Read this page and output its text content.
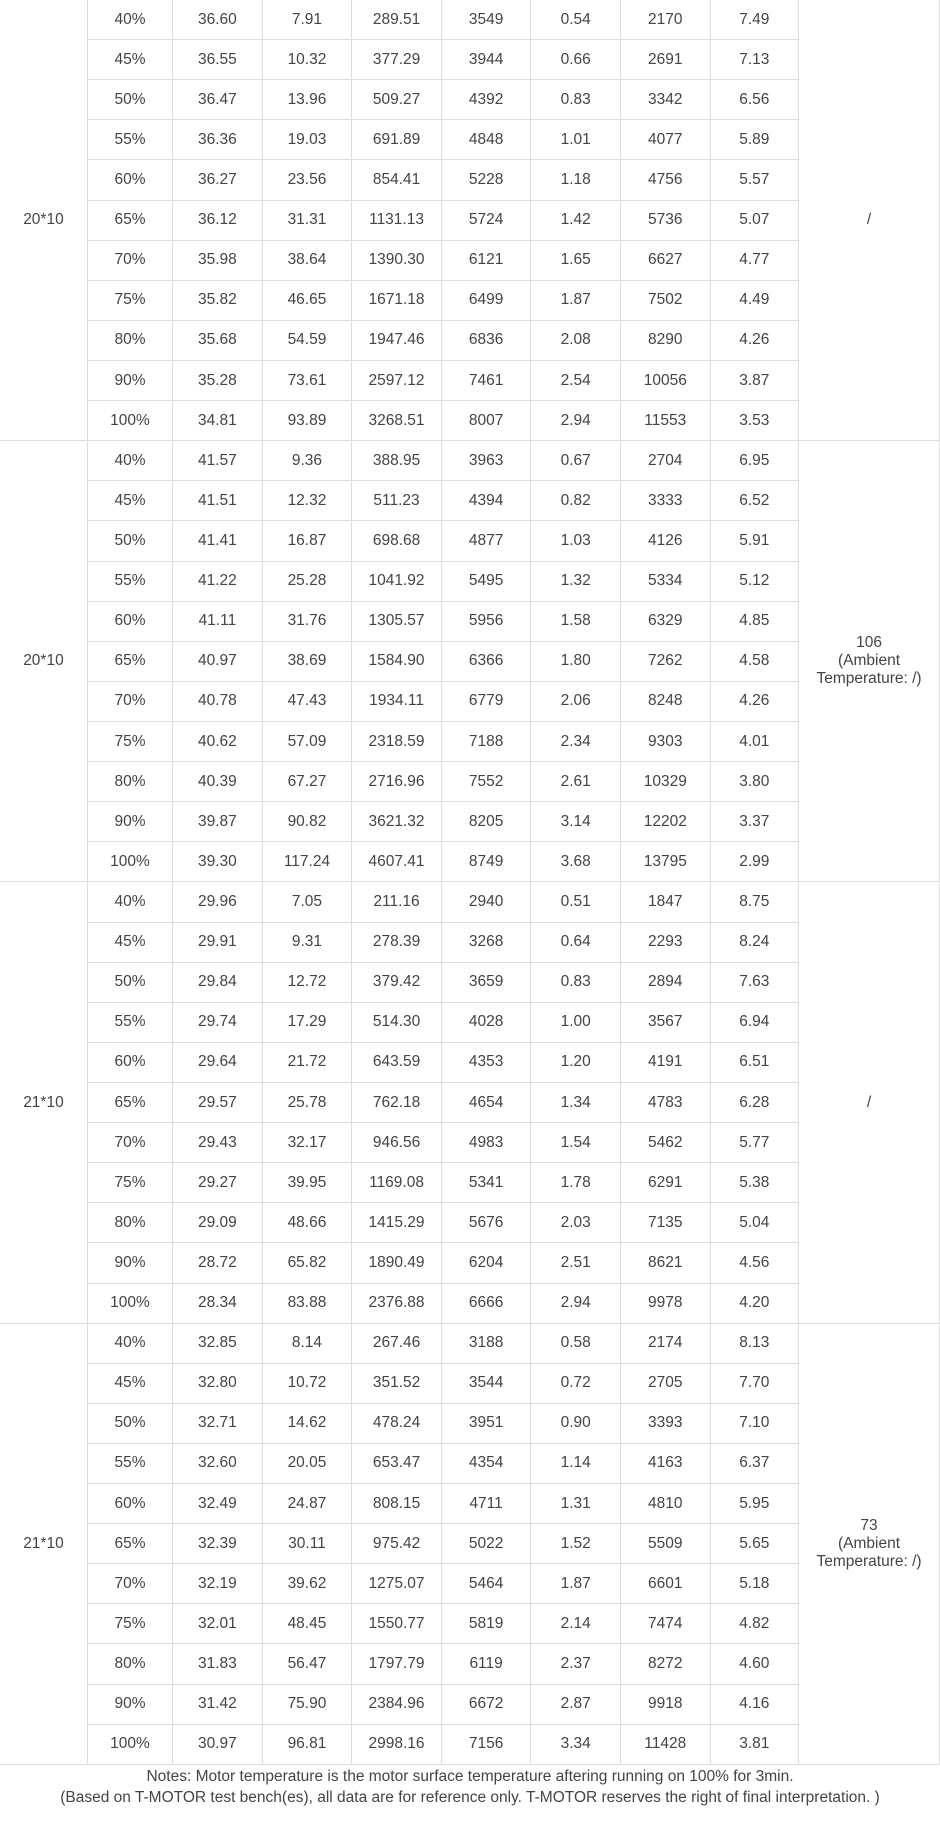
20*10	40%	36.60	7.91	289.51	3549	0.54	2170	7.49	/
	45%	36.55	10.32	377.29	3944	0.66	2691	7.13	
	50%	36.47	13.96	509.27	4392	0.83	3342	6.56	
	55%	36.36	19.03	691.89	4848	1.01	4077	5.89	
	60%	36.27	23.56	854.41	5228	1.18	4756	5.57	
	65%	36.12	31.31	1131.13	5724	1.42	5736	5.07	
	70%	35.98	38.64	1390.30	6121	1.65	6627	4.77	
	75%	35.82	46.65	1671.18	6499	1.87	7502	4.49	
	80%	35.68	54.59	1947.46	6836	2.08	8290	4.26	
	90%	35.28	73.61	2597.12	7461	2.54	10056	3.87	
	100%	34.81	93.89	3268.51	8007	2.94	11553	3.53	
20*10	40%	41.57	9.36	388.95	3963	0.67	2704	6.95	106
(Ambient
Temperature: /)
	45%	41.51	12.32	511.23	4394	0.82	3333	6.52	
	50%	41.41	16.87	698.68	4877	1.03	4126	5.91	
	55%	41.22	25.28	1041.92	5495	1.32	5334	5.12	
	60%	41.11	31.76	1305.57	5956	1.58	6329	4.85	
	65%	40.97	38.69	1584.90	6366	1.80	7262	4.58	
	70%	40.78	47.43	1934.11	6779	2.06	8248	4.26	
	75%	40.62	57.09	2318.59	7188	2.34	9303	4.01	
	80%	40.39	67.27	2716.96	7552	2.61	10329	3.80	
	90%	39.87	90.82	3621.32	8205	3.14	12202	3.37	
	100%	39.30	117.24	4607.41	8749	3.68	13795	2.99	
21*10	40%	29.96	7.05	211.16	2940	0.51	1847	8.75	/
	45%	29.91	9.31	278.39	3268	0.64	2293	8.24	
	50%	29.84	12.72	379.42	3659	0.83	2894	7.63	
	55%	29.74	17.29	514.30	4028	1.00	3567	6.94	
	60%	29.64	21.72	643.59	4353	1.20	4191	6.51	
	65%	29.57	25.78	762.18	4654	1.34	4783	6.28	
	70%	29.43	32.17	946.56	4983	1.54	5462	5.77	
	75%	29.27	39.95	1169.08	5341	1.78	6291	5.38	
	80%	29.09	48.66	1415.29	5676	2.03	7135	5.04	
	90%	28.72	65.82	1890.49	6204	2.51	8621	4.56	
	100%	28.34	83.88	2376.88	6666	2.94	9978	4.20	
21*10	40%	32.85	8.14	267.46	3188	0.58	2174	8.13	73
(Ambient
Temperature: /)
	45%	32.80	10.72	351.52	3544	0.72	2705	7.70	
	50%	32.71	14.62	478.24	3951	0.90	3393	7.10	
	55%	32.60	20.05	653.47	4354	1.14	4163	6.37	
	60%	32.49	24.87	808.15	4711	1.31	4810	5.95	
	65%	32.39	30.11	975.42	5022	1.52	5509	5.65	
	70%	32.19	39.62	1275.07	5464	1.87	6601	5.18	
	75%	32.01	48.45	1550.77	5819	2.14	7474	4.82	
	80%	31.83	56.47	1797.79	6119	2.37	8272	4.60	
	90%	31.42	75.90	2384.96	6672	2.87	9918	4.16	
	100%	30.97	96.81	2998.16	7156	3.34	11428	3.81	
Notes: Motor temperature is the motor surface temperature aftering running on 100% for 3min.
(Based on T-MOTOR test bench(es), all data are for reference only. T-MOTOR reserves the right of final interpretation. )
